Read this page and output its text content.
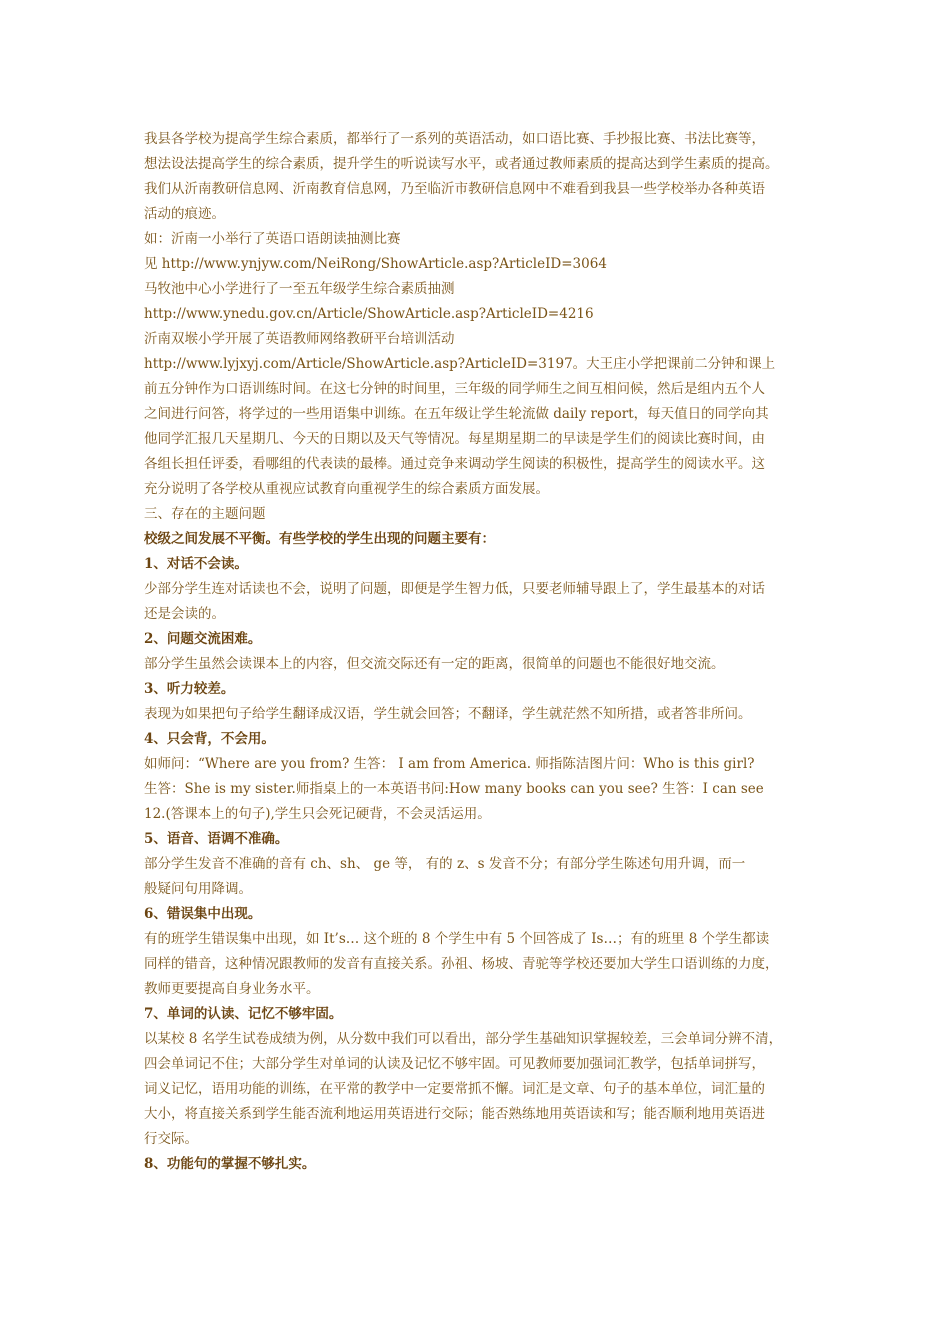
我县各学校为提高学生综合素质，都举行了一系列的英语活动，如口语比赛、手抄报比赛、书法比赛等，
想法设法提高学生的综合素质，提升学生的听说读写水平，或者通过教师素质的提高达到学生素质的提高。
我们从沂南教研信息网、沂南教育信息网，乃至临沂市教研信息网中不难看到我县一些学校举办各种英语
活动的痕迹。
如：沂南一小举行了英语口语朗读抽测比赛
见 http://www.ynjyw.com/NeiRong/ShowArticle.asp?ArticleID=3064
马牧池中心小学进行了一至五年级学生综合素质抽测
http://www.ynedu.gov.cn/Article/ShowArticle.asp?ArticleID=4216
沂南双堠小学开展了英语教师网络教研平台培训活动
http://www.lyjxyj.com/Article/ShowArticle.asp?ArticleID=3197。大王庄小学把课前二分钟和课上
前五分钟作为口语训练时间。在这七分钟的时间里，三年级的同学师生之间互相问候，然后是组内五个人
之间进行问答，将学过的一些用语集中训练。在五年级让学生轮流做 daily report，每天值日的同学向其
他同学汇报几天星期几、今天的日期以及天气等情况。每星期星期二的早读是学生们的阅读比赛时间，由
各组长担任评委，看哪组的代表读的最棒。通过竞争来调动学生阅读的积极性，提高学生的阅读水平。这
充分说明了各学校从重视应试教育向重视学生的综合素质方面发展。
三、存在的主题问题
校级之间发展不平衡。有些学校的学生出现的问题主要有：
1、对话不会读。
少部分学生连对话读也不会，说明了问题，即便是学生智力低，只要老师辅导跟上了，学生最基本的对话
还是会读的。
2、问题交流困难。
部分学生虽然会读课本上的内容，但交流交际还有一定的距离，很简单的问题也不能很好地交流。
3、听力较差。
表现为如果把句子给学生翻译成汉语，学生就会回答；不翻译，学生就茫然不知所措，或者答非所问。
4、只会背，不会用。
如师问：“Where are you from? 生答： I am from America. 师指陈洁图片问：Who is this girl?
生答：She is my sister.师指桌上的一本英语书问:How many books can you see? 生答：I can see
12.(答课本上的句子),学生只会死记硬背，不会灵活运用。
5、语音、语调不准确。
部分学生发音不准确的音有 ch、sh、 ge 等， 有的 z、s 发音不分；有部分学生陈述句用升调，而一
般疑问句用降调。
6、错误集中出现。
有的班学生错误集中出现，如 It’s… 这个班的 8 个学生中有 5 个回答成了 Is…；有的班里 8 个学生都读
同样的错音，这种情况跟教师的发音有直接关系。孙祖、杨坡、青驼等学校还要加大学生口语训练的力度，
教师更要提高自身业务水平。
7、单词的认读、记忆不够牢固。
以某校 8 名学生试卷成绩为例，从分数中我们可以看出，部分学生基础知识掌握较差，三会单词分辨不清，
四会单词记不住；大部分学生对单词的认读及记忆不够牢固。可见教师要加强词汇教学，包括单词拼写，
词义记忆，语用功能的训练，在平常的教学中一定要常抓不懈。词汇是文章、句子的基本单位，词汇量的
大小，将直接关系到学生能否流利地运用英语进行交际；能否熟练地用英语读和写；能否顺利地用英语进
行交际。
8、功能句的掌握不够扎实。
